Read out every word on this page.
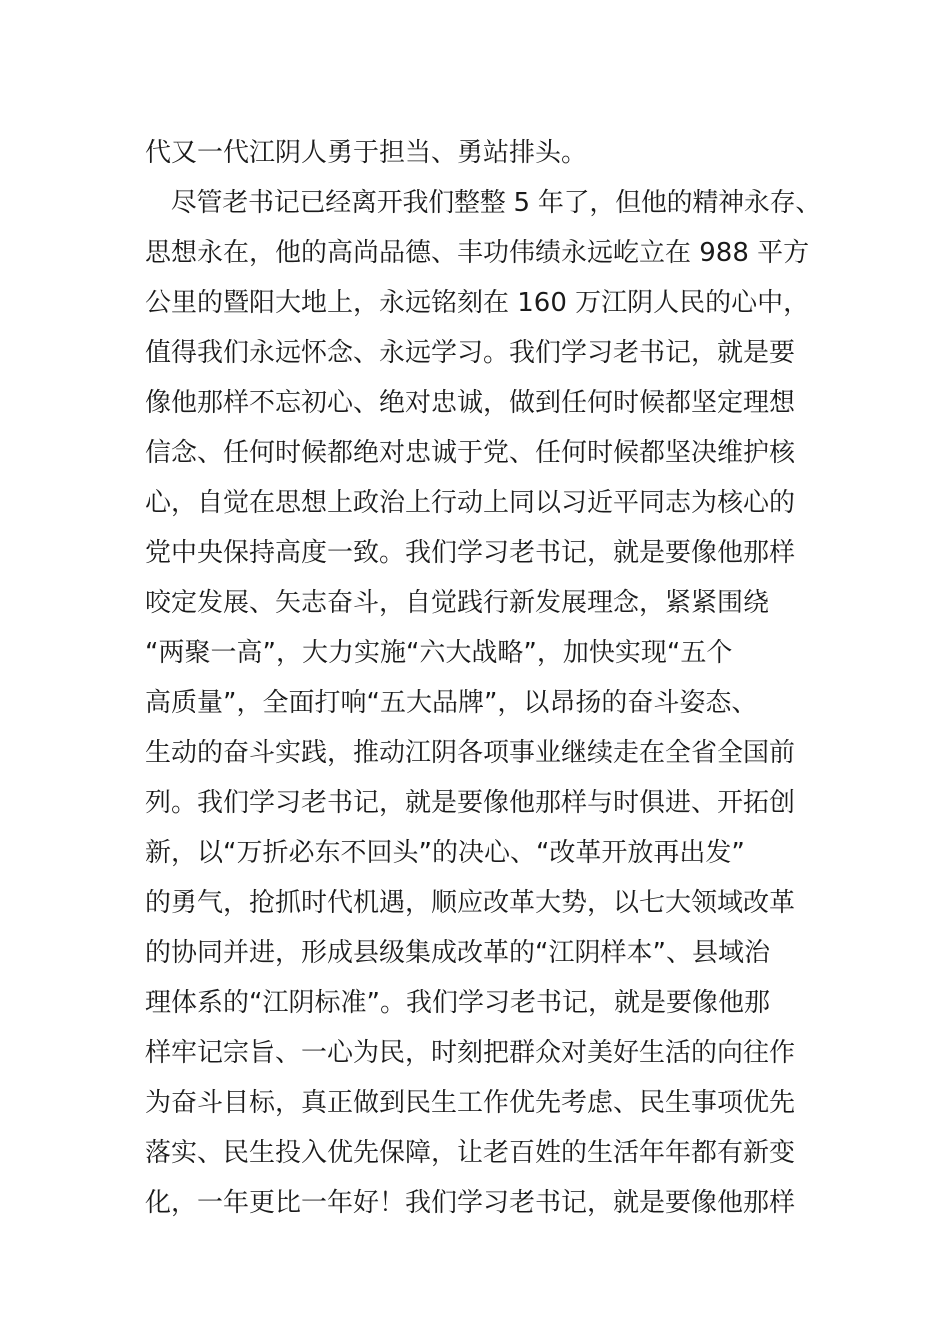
代又一代江阴人勇于担当、勇站排头。
　尽管老书记已经离开我们整整 5 年了，但他的精神永存、
思想永在，他的高尚品德、丰功伟绩永远屹立在 988 平方
公里的暨阳大地上，永远铭刻在 160 万江阴人民的心中，
值得我们永远怀念、永远学习。我们学习老书记，就是要
像他那样不忘初心、绝对忠诚，做到任何时候都坚定理想
信念、任何时候都绝对忠诚于党、任何时候都坚决维护核
心，自觉在思想上政治上行动上同以习近平同志为核心的
党中央保持高度一致。我们学习老书记，就是要像他那样
咬定发展、矢志奋斗，自觉践行新发展理念，紧紧围绕
“两聚一高”，大力实施“六大战略”，加快实现“五个
高质量”，全面打响“五大品牌”，以昂扬的奋斗姿态、
生动的奋斗实践，推动江阴各项事业继续走在全省全国前
列。我们学习老书记，就是要像他那样与时俱进、开拓创
新，以“万折必东不回头”的决心、“改革开放再出发”
的勇气，抢抓时代机遇，顺应改革大势，以七大领域改革
的协同并进，形成县级集成改革的“江阴样本”、县域治
理体系的“江阴标准”。我们学习老书记，就是要像他那
样牢记宗旨、一心为民，时刻把群众对美好生活的向往作
为奋斗目标，真正做到民生工作优先考虑、民生事项优先
落实、民生投入优先保障，让老百姓的生活年年都有新变
化，一年更比一年好！我们学习老书记，就是要像他那样
